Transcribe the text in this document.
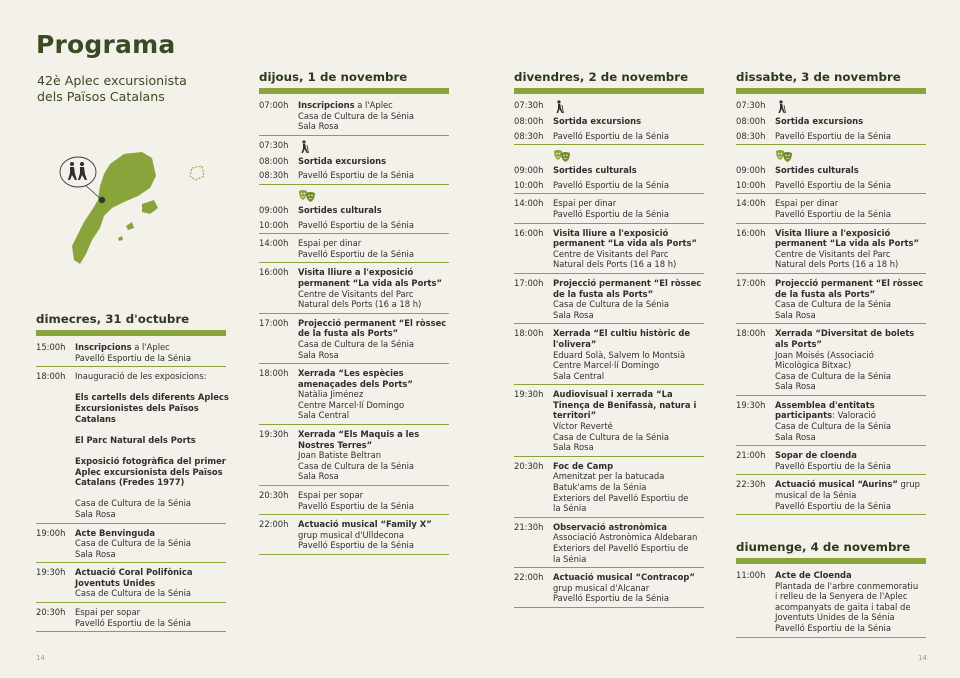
Programa
42è Aplec excursionista
dels Països Catalans
dimecres, 31 d'octubre
15:00h	Inscripcions a l'Aplec
Pavelló Esportiu de la Sénia
18:00h	Inauguració de les exposicions:

Els cartells dels diferents Aplecs
Excursionistes dels Països
Catalans

El Parc Natural dels Ports

Exposició fotogràfica del primer
Aplec excursionista dels Països
Catalans (Fredes 1977)

Casa de Cultura de la Sénia
Sala Rosa
19:00h	Acte Benvinguda
Casa de Cultura de la Sénia
Sala Rosa
19:30h	Actuació Coral Polifònica
Joventuts Unides
Casa de Cultura de la Sénia
20:30h	Espai per sopar
Pavelló Esportiu de la Sénia
dijous, 1 de novembre
07:00h	Inscripcions a l'Aplec
Casa de Cultura de la Sénia
Sala Rosa
07:30h
08:00h	Sortida excursions
08:30h	Pavelló Esportiu de la Sénia
09:00h	Sortides culturals
10:00h	Pavelló Esportiu de la Sénia
14:00h	Espai per dinar
Pavelló Esportiu de la Sénia
16:00h	Visita lliure a l'exposició
permanent “La vida als Ports”
Centre de Visitants del Parc
Natural dels Ports (16 a 18 h)
17:00h	Projecció permanent “El ròssec
de la fusta als Ports”
Casa de Cultura de la Sénia
Sala Rosa
18:00h	Xerrada “Les espècies
amenaçades dels Ports”
Natàlia Jiménez
Centre Marcel·lí Domingo
Sala Central
19:30h	Xerrada “Els Maquis a les
Nostres Terres”
Joan Batiste Beltran
Casa de Cultura de la Sénia
Sala Rosa
20:30h	Espai per sopar
Pavelló Esportiu de la Sénia
22:00h	Actuació musical “Family X”
grup musical d'Ulldecona
Pavelló Esportiu de la Sénia
divendres, 2 de novembre
07:30h
08:00h	Sortida excursions
08:30h	Pavelló Esportiu de la Sénia
09:00h	Sortides culturals
10:00h	Pavelló Esportiu de la Sénia
14:00h	Espai per dinar
Pavelló Esportiu de la Sénia
16:00h	Visita lliure a l'exposició
permanent “La vida als Ports”
Centre de Visitants del Parc
Natural dels Ports (16 a 18 h)
17:00h	Projecció permanent “El ròssec
de la fusta als Ports”
Casa de Cultura de la Sénia
Sala Rosa
18:00h	Xerrada “El cultiu històric de
l'olivera”
Eduard Solà, Salvem lo Montsià
Centre Marcel·lí Domingo
Sala Central
19:30h	Audiovisual i xerrada “La
Tinença de Benifassà, natura i
territori”
Víctor Reverté
Casa de Cultura de la Sénia
Sala Rosa
20:30h	Foc de Camp
Amenitzat per la batucada
Batuk'ams de la Sénia
Exteriors del Pavelló Esportiu de
la Sénia
21:30h	Observació astronòmica
Associació Astronòmica Aldebaran
Exteriors del Pavelló Esportiu de
la Sénia
22:00h	Actuació musical “Contracop”
grup musical d'Alcanar
Pavelló Esportiu de la Sénia
dissabte, 3 de novembre
07:30h
08:00h	Sortida excursions
08:30h	Pavelló Esportiu de la Sénia
09:00h	Sortides culturals
10:00h	Pavelló Esportiu de la Sénia
14:00h	Espai per dinar
Pavelló Esportiu de la Sénia
16:00h	Visita lliure a l'exposició
permanent “La vida als Ports”
Centre de Visitants del Parc
Natural dels Ports (16 a 18 h)
17:00h	Projecció permanent “El ròssec
de la fusta als Ports”
Casa de Cultura de la Sénia
Sala Rosa
18:00h	Xerrada “Diversitat de bolets
als Ports”
Joan Moisés (Associació
Micològica Bitxac)
Casa de Cultura de la Sénia
Sala Rosa
19:30h	Assemblea d'entitats
participants: Valoració
Casa de Cultura de la Sénia
Sala Rosa
21:00h	Sopar de cloenda
Pavelló Esportiu de la Sénia
22:30h	Actuació musical “Aurins” grup
musical de la Sénia
Pavelló Esportiu de la Sénia
diumenge, 4 de novembre
11:00h	Acte de Cloenda
Plantada de l'arbre conmemoratiu
i relleu de la Senyera de l'Aplec
acompanyats de gaita i tabal de
Joventuts Unides de la Sénia
Pavelló Esportiu de la Sénia
14	14
